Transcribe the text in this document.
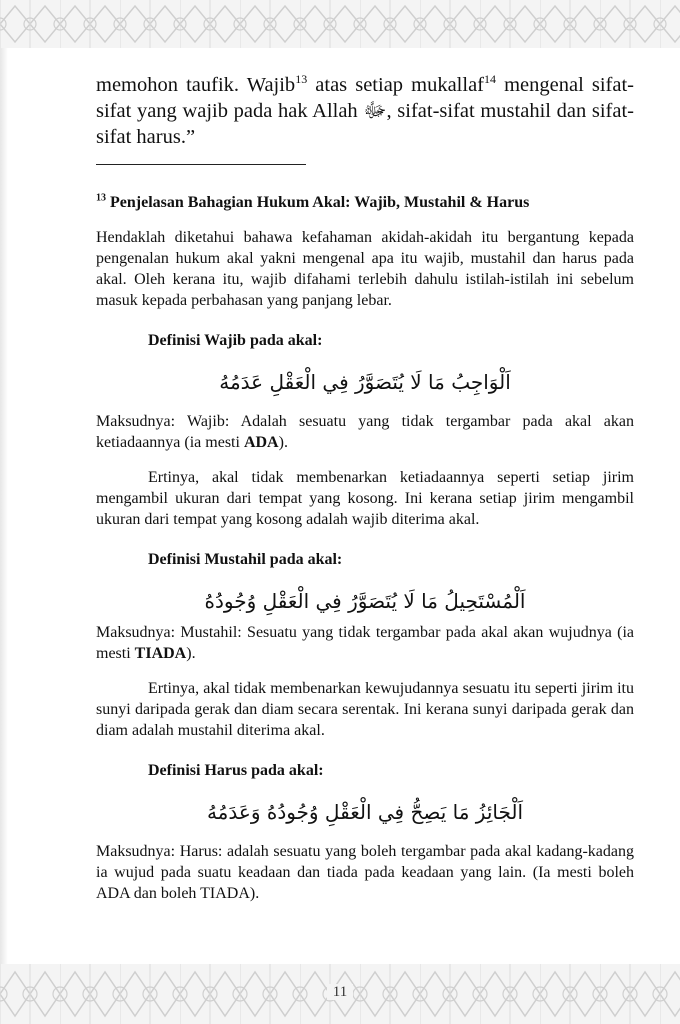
memohon taufik. Wajib$^{13}$ atas setiap mukallaf$^{14}$ mengenal sifat-sifat yang wajib pada hak Allah ﷻ, sifat-sifat mustahil dan sifat-sifat harus.”

$^{13}$ Penjelasan Bahagian Hukum Akal: Wajib, Mustahil & Harus

Hendaklah diketahui bahawa kefahaman akidah-akidah itu bergantung kepada pengenalan hukum akal yakni mengenal apa itu wajib, mustahil dan harus pada akal. Oleh kerana itu, wajib difahami terlebih dahulu istilah-istilah ini sebelum masuk kepada perbahasan yang panjang lebar.

Definisi Wajib pada akal:
اَلْوَاجِبُ مَا لَا يُتَصَوَّرُ فِي الْعَقْلِ عَدَمُهُ

Maksudnya: Wajib: Adalah sesuatu yang tidak tergambar pada akal akan ketiadaannya (ia mesti ADA).

Ertinya, akal tidak membenarkan ketiadaannya seperti setiap jirim mengambil ukuran dari tempat yang kosong. Ini kerana setiap jirim mengambil ukuran dari tempat yang kosong adalah wajib diterima akal.

Definisi Mustahil pada akal:
اَلْمُسْتَحِيلُ مَا لَا يُتَصَوَّرُ فِي الْعَقْلِ وُجُودُهُ

Maksudnya: Mustahil: Sesuatu yang tidak tergambar pada akal akan wujudnya (ia mesti TIADA).

Ertinya, akal tidak membenarkan kewujudannya sesuatu itu seperti jirim itu sunyi daripada gerak dan diam secara serentak. Ini kerana sunyi daripada gerak dan diam adalah mustahil diterima akal.

Definisi Harus pada akal:
اَلْجَائِزُ مَا يَصِحُّ فِي الْعَقْلِ وُجُودُهُ وَعَدَمُهُ

Maksudnya: Harus: adalah sesuatu yang boleh tergambar pada akal kadang-kadang ia wujud pada suatu keadaan dan tiada pada keadaan yang lain. (Ia mesti boleh ADA dan boleh TIADA).

11
